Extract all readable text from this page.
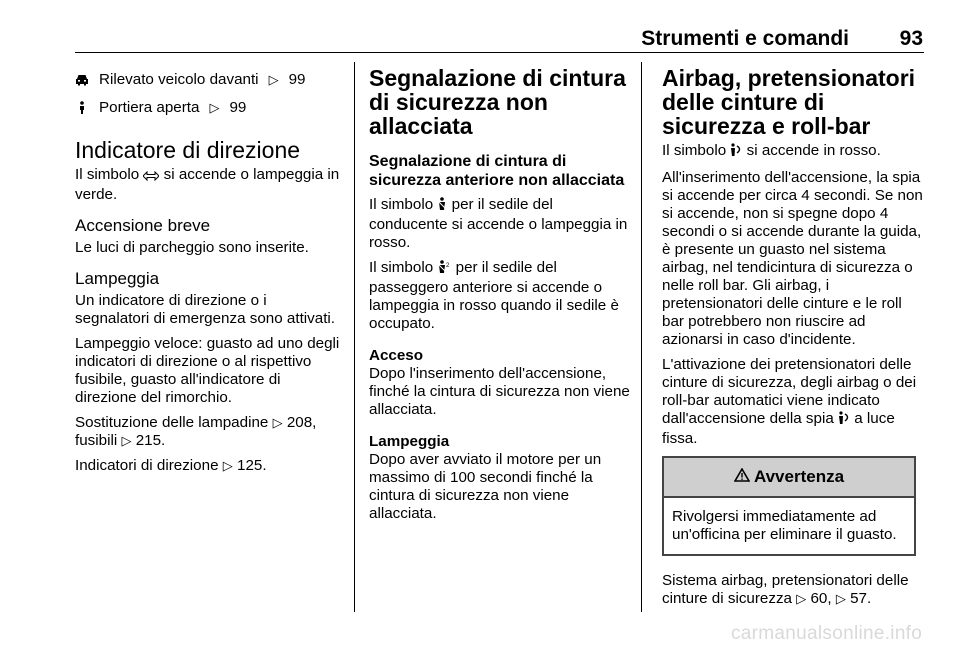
Strumenti e comandi 93
Rilevato veicolo davanti ▷ 99
Portiera aperta ▷ 99
Indicatore di direzione

Il simbolo si accende o lampeggia in verde.

Accensione breve

Le luci di parcheggio sono inserite.

Lampeggia

Un indicatore di direzione o i segnalatori di emergenza sono attivati.

Lampeggio veloce: guasto ad uno degli indicatori di direzione o al rispettivo fusibile, guasto all'indicatore di direzione del rimorchio.

Sostituzione delle lampadine ▷ 208,
fusibili ▷ 215.

Indicatori di direzione ▷ 125.

Segnalazione di cintura di sicurezza non allacciata
Segnalazione di cintura di sicurezza anteriore non allacciata

Il simbolo per il sedile del conducente si accende o lampeggia in rosso.

Il simbolo 2 per il sedile del passeggero anteriore si accende o lampeggia in rosso quando il sedile è occupato.

Acceso

Dopo l'inserimento dell'accensione, finché la cintura di sicurezza non viene allacciata.

Lampeggia

Dopo aver avviato il motore per un massimo di 100 secondi finché la cintura di sicurezza non viene allacciata.

Airbag, pretensionatori delle cinture di sicurezza e roll-bar

Il simbolo si accende in rosso.

All'inserimento dell'accensione, la spia si accende per circa 4 secondi. Se non si accende, non si spegne dopo 4 secondi o si accende durante la guida, è presente un guasto nel sistema airbag, nel tendicintura di sicurezza o nelle roll bar. Gli airbag, i pretensionatori delle cinture e le roll bar potrebbero non riuscire ad azionarsi in caso d'incidente.

L'attivazione dei pretensionatori delle cinture di sicurezza, degli airbag o dei roll-bar automatici viene indicato dall'accensione della spia a luce fissa.

Avvertenza
Rivolgersi immediatamente ad un'officina per eliminare il guasto.

Sistema airbag, pretensionatori delle cinture di sicurezza ▷ 60, ▷ 57.

carmanualsonline.info
